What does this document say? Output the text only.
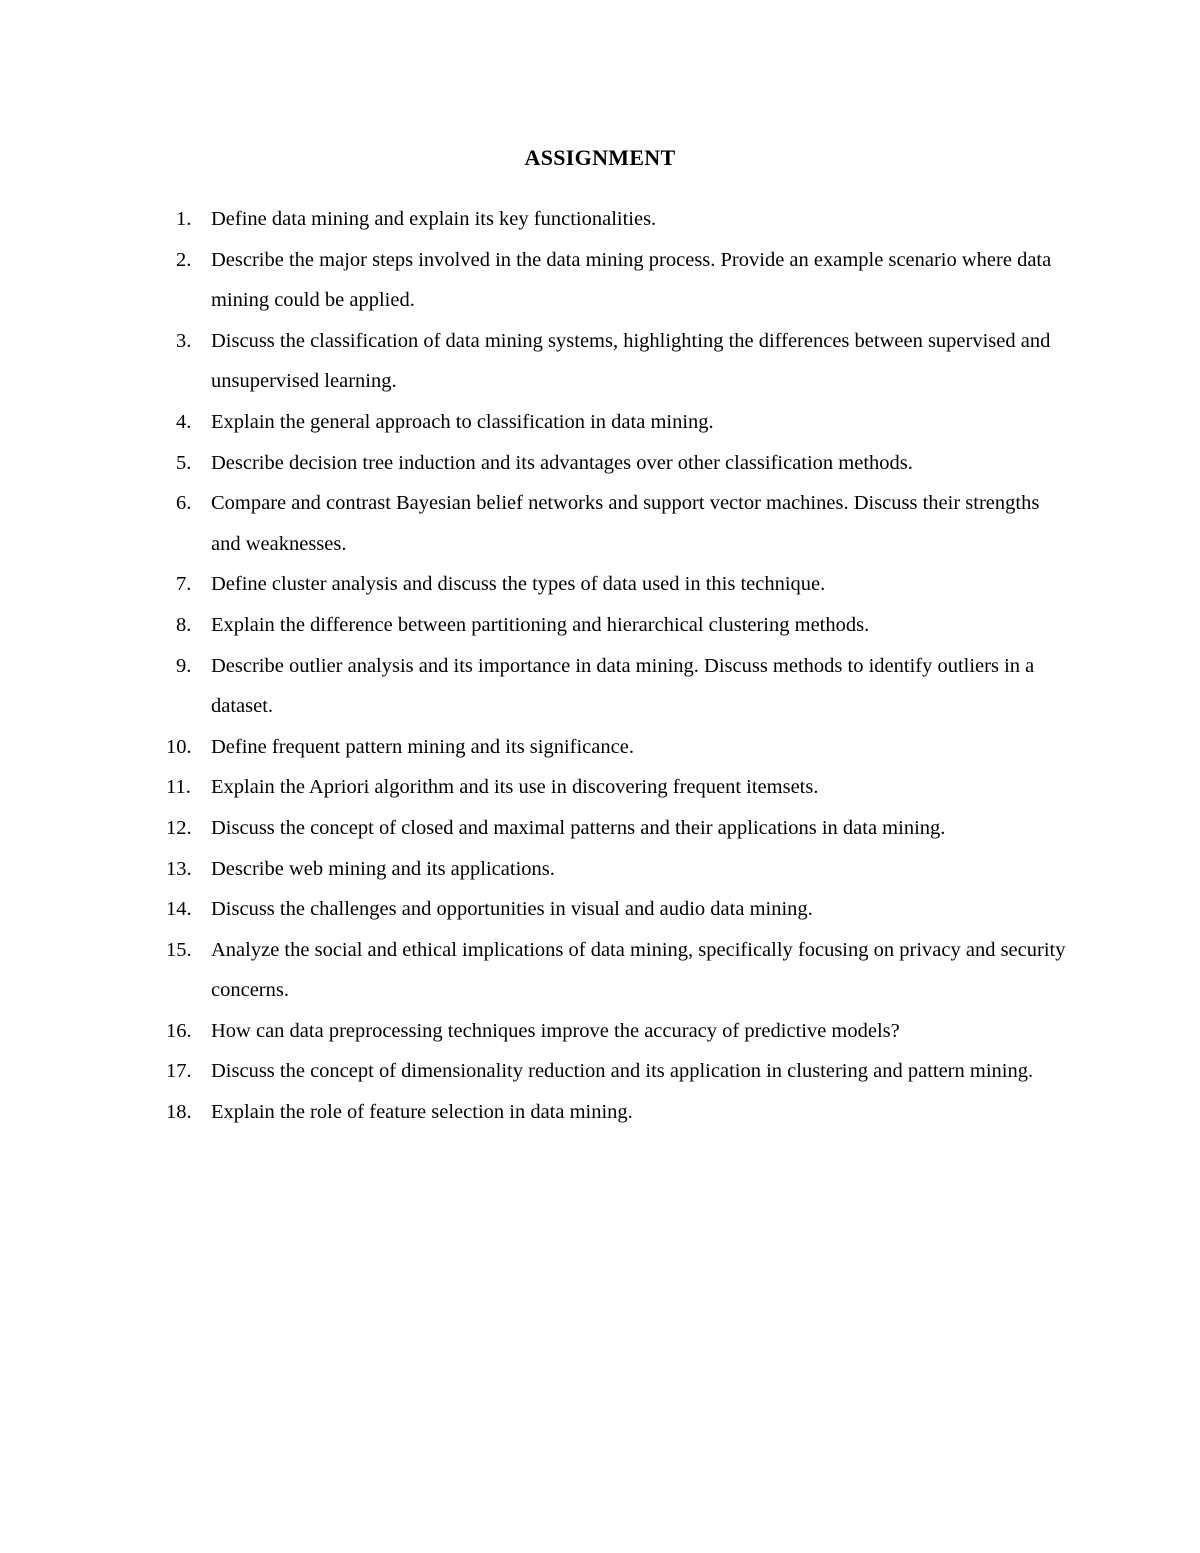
ASSIGNMENT
1. Define data mining and explain its key functionalities.
2. Describe the major steps involved in the data mining process. Provide an example scenario where data mining could be applied.
3. Discuss the classification of data mining systems, highlighting the differences between supervised and unsupervised learning.
4. Explain the general approach to classification in data mining.
5. Describe decision tree induction and its advantages over other classification methods.
6. Compare and contrast Bayesian belief networks and support vector machines. Discuss their strengths and weaknesses.
7. Define cluster analysis and discuss the types of data used in this technique.
8. Explain the difference between partitioning and hierarchical clustering methods.
9. Describe outlier analysis and its importance in data mining. Discuss methods to identify outliers in a dataset.
10. Define frequent pattern mining and its significance.
11. Explain the Apriori algorithm and its use in discovering frequent itemsets.
12. Discuss the concept of closed and maximal patterns and their applications in data mining.
13. Describe web mining and its applications.
14. Discuss the challenges and opportunities in visual and audio data mining.
15. Analyze the social and ethical implications of data mining, specifically focusing on privacy and security concerns.
16. How can data preprocessing techniques improve the accuracy of predictive models?
17. Discuss the concept of dimensionality reduction and its application in clustering and pattern mining.
18. Explain the role of feature selection in data mining.
